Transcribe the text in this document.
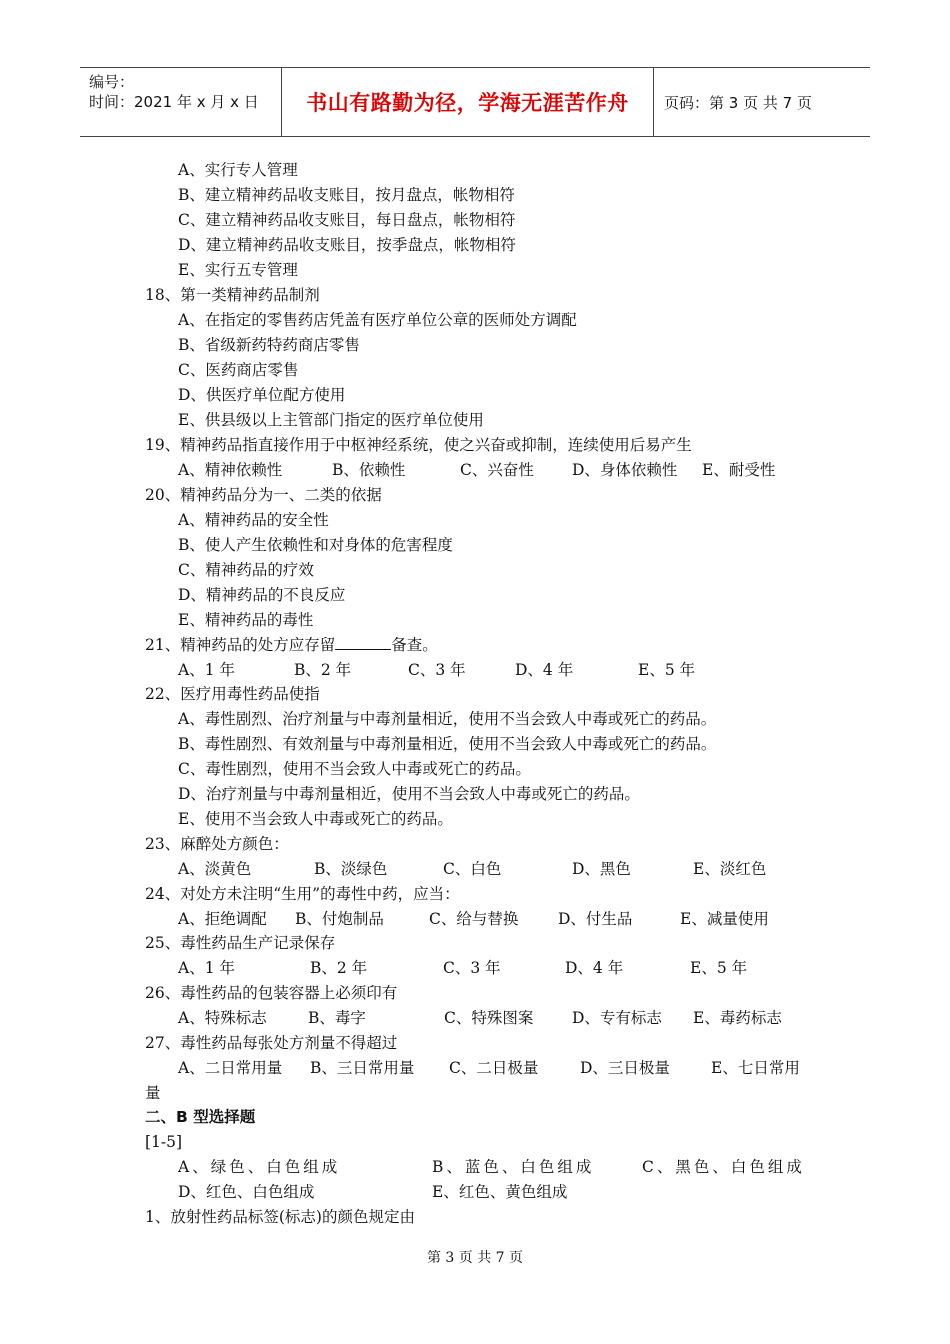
编号：
时间：2021 年 x 月 x 日	书山有路勤为径，学海无涯苦作舟	页码：第 3 页 共 7 页
A、实行专人管理
B、建立精神药品收支账目，按月盘点，帐物相符
C、建立精神药品收支账目，每日盘点，帐物相符
D、建立精神药品收支账目，按季盘点，帐物相符
E、实行五专管理
18、第一类精神药品制剂
A、在指定的零售药店凭盖有医疗单位公章的医师处方调配
B、省级新药特药商店零售
C、医药商店零售
D、供医疗单位配方使用
E、供县级以上主管部门指定的医疗单位使用
19、精神药品指直接作用于中枢神经系统，使之兴奋或抑制，连续使用后易产生
A、精神依赖性	B、依赖性	C、兴奋性 D、身体依赖性 E、耐受性
20、精神药品分为一、二类的依据
A、精神药品的安全性
B、使人产生依赖性和对身体的危害程度
C、精神药品的疗效
D、精神药品的不良反应
E、精神药品的毒性
21、精神药品的处方应存留	备查。
A、1 年	B、2 年	C、3 年	D、4 年	E、5 年
22、医疗用毒性药品使指
A、毒性剧烈、治疗剂量与中毒剂量相近，使用不当会致人中毒或死亡的药品。
B、毒性剧烈、有效剂量与中毒剂量相近，使用不当会致人中毒或死亡的药品。
C、毒性剧烈，使用不当会致人中毒或死亡的药品。
D、治疗剂量与中毒剂量相近，使用不当会致人中毒或死亡的药品。
E、使用不当会致人中毒或死亡的药品。
23、麻醉处方颜色：
A、淡黄色	B、淡绿色	C、白色	D、黑色	E、淡红色
24、对处方未注明“生用”的毒性中药，应当：
A、拒绝调配 B、付炮制品	C、给与替换	D、付生品	E、减量使用
25、毒性药品生产记录保存
A、1 年	B、2 年	C、3 年	D、4 年	E、5 年
26、毒性药品的包装容器上必须印有
A、特殊标志	B、毒字	C、特殊图案 D、专有标志 E、毒药标志
27、毒性药品每张处方剂量不得超过
A、二日常用量 B、三日常用量 C、二日极量	D、三日极量	E、七日常用
量
二、B 型选择题
[1-5]
A、绿色、白色组成	B、蓝色、白色组成	C、黑色、白色组成
D、红色、白色组成	E、红色、黄色组成
1、放射性药品标签(标志)的颜色规定由
第 3 页 共 7 页
